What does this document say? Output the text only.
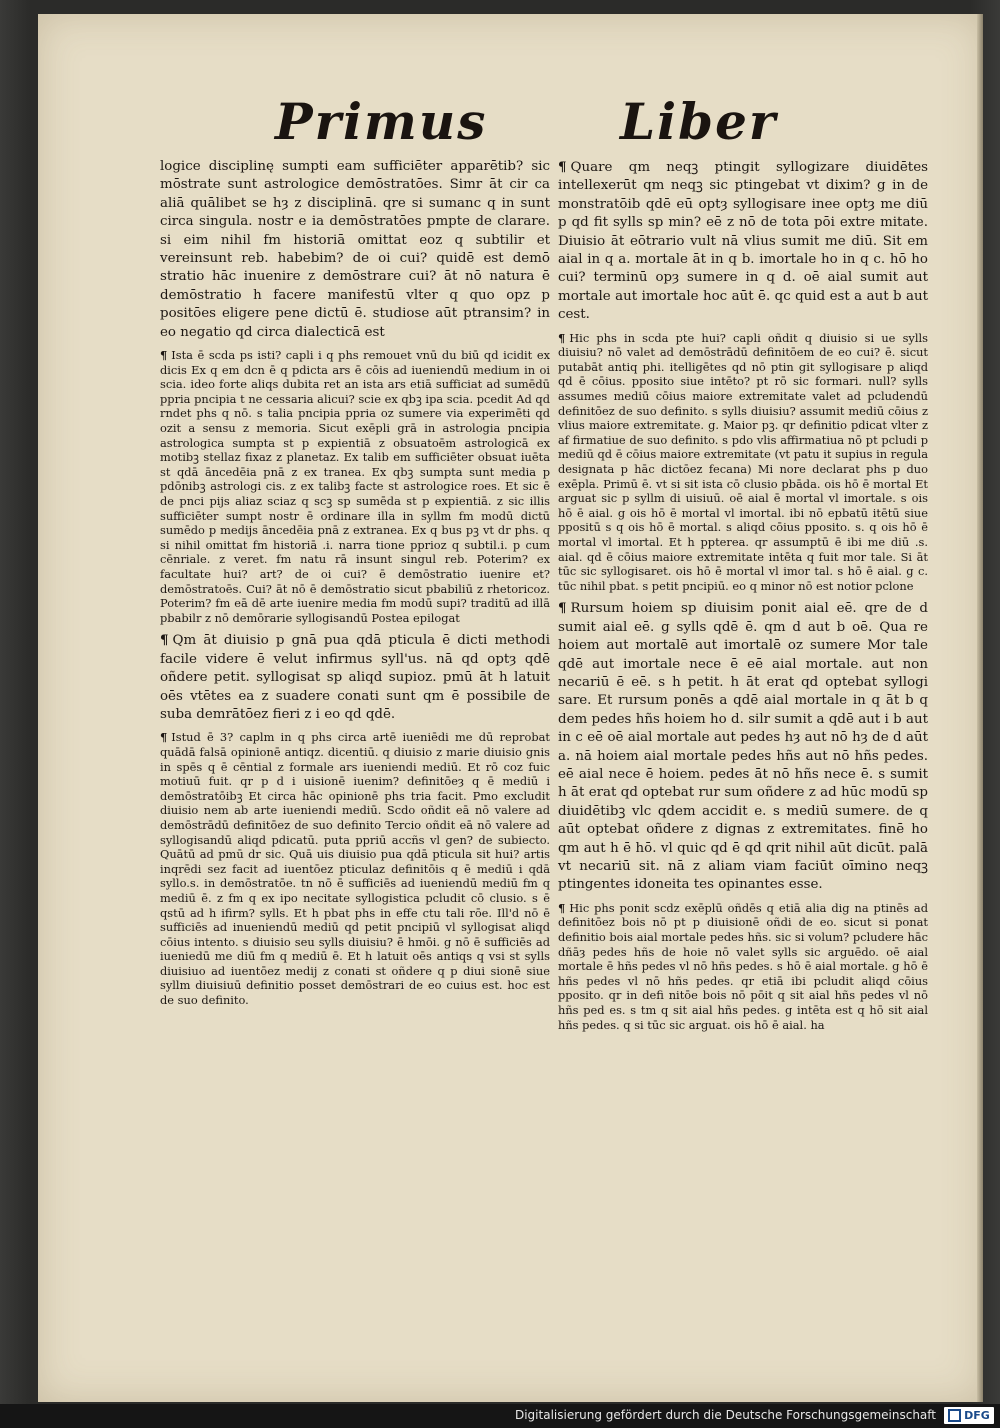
Primus	Liber

logice disciplinę sumpti eam sufficiēter apparētib? sic mōstrate sunt astrologice demōstratōes. Simr āt cir ca aliā quālibet se hȝ z disciplinā. qre si sumanc q in sunt circa singula. nostr e ia demōstratōes pmpte de clarare. si eim nihil fm historiā omittat eoz q subtilir et vereinsunt reb. habebim? de oi cui? quidē est demō stratio hāc inuenire z demōstrare cui? āt nō natura ē demōstratio h facere manifestū vlter q quo opz p positōes eligere pene dictū ē. studiose aūt ptransim? in eo negatio qd circa dialecticā est

¶ Ista ē scda ps isti? capli i q phs remouet vnū du biū qd icidit ex dicis Ex q em dcn ē q pdicta ars ē cōis ad iueniendū medium in oi scia. ideo forte aliqs dubita ret an ista ars etiā sufficiat ad sumēdū ppria pncipia t ne cessaria alicui? scie ex qbꝫ ipa scia. pcedit Ad qd rndet phs q nō. s talia pncipia ppria oz sumere via experimēti qd ozit a sensu z memoria. Sicut exēpli grā in astrologia pncipia astrologica sumpta st p expientiā z obsuatoēm astrologicā ex motibꝫ stellaz fixaz z planetaz. Ex talib em sufficiēter obsuat iuēta st qdā āncedēia pnā z ex tranea. Ex qbꝫ sumpta sunt media p pdōnibꝫ astrologi cis. z ex talibꝫ facte st astrologice roes. Et sic ē de pnci pijs aliaz sciaz q scꝫ sp sumēda st p expientiā. z sic illis sufficiēter sumpt nostr ē ordinare illa in syllm fm modū dictū sumēdo p medijs āncedēia pnā z extranea. Ex q bus pꝫ vt dr phs. q si nihil omittat fm historiā .i. narra tione pprioz q subtil.i. p cum cēnriale. z veret. fm natu rā insunt singul reb. Poterim? ex facultate hui? art? de oi cui? ē demōstratio iuenire et? demōstratoēs. Cui? āt nō ē demōstratio sicut pbabiliū z rhetoricoz. Poterim? fm eā dē arte iuenire media fm modū supi? traditū ad illā pbabilr z nō demōrarie syllogisandū Postea epilogat

¶ Qm āt diuisio p gnā pua qdā pticula ē dicti methodi facile videre ē velut infirmus syll'us. nā qd optȝ qdē oñdere petit. syllogisat sp aliqd supioz. pmū āt h latuit oēs vtētes ea z suadere conati sunt qm ē possibile de suba demrātōez fieri z i eo qd qdē.

¶ Istud ē 3? caplm in q phs circa artē iueniēdi me dū reprobat quādā falsā opinionē antiqz. dicentiū. q diuisio z marie diuisio gnis in spēs q ē cēntial z formale ars iueniendi mediū. Et rō coz fuic motiuū fuit. qr p d i uisionē iuenim? definitōeȝ q ē mediū i demōstratōibꝫ Et circa hāc opinionē phs tria facit. Pmo excludit diuisio nem ab arte iueniendi mediū. Scdo oñdit eā nō valere ad demōstrādū definitōez de suo definito Tercio oñdit eā nō valere ad syllogisandū aliqd pdicatū. puta ppriū accñs vl gen? de subiecto. Quātū ad pmū dr sic. Quā uis diuisio pua qdā pticula sit hui? artis inqrēdi sez facit ad iuentōez pticulaz definitōis q ē mediū i qdā syllo.s. in demōstratōe. tn nō ē sufficiēs ad iueniendū mediū fm q mediū ē. z fm q ex ipo necitate syllogistica pcludit cō clusio. s ē qstū ad h ifirm? sylls. Et h pbat phs in effe ctu tali rōe. Ill'd nō ē sufficiēs ad inueniendū mediū qd petit pncipiū vl syllogisat aliqd cōius intento. s diuisio seu sylls diuisiu? ē hmōi. g nō ē sufficiēs ad iueniedū me diū fm q mediū ē. Et h latuit oēs antiqs q vsi st sylls diuisiuo ad iuentōez medij z conati st oñdere q p diui sionē siue syllm diuisiuū definitio posset demōstrari de eo cuius est. hoc est de suo definito.

¶ Quare qm neqꝫ ptingit syllogizare diuidētes intellexerūt qm neqꝫ sic ptingebat vt dixim? g in de monstratōib qdē eū optȝ syllogisare inee optȝ me diū p qd fit sylls sp min? eē z nō de tota pōi extre mitate. Diuisio āt eōtrario vult nā vlius sumit me diū. Sit em aial in q a. mortale āt in q b. imortale ho in q c. hō ho cui? terminū opȝ sumere in q d. oē aial sumit aut mortale aut imortale hoc aūt ē. qc quid est a aut b aut cest.

¶ Hic phs in scda pte hui? capli oñdit q diuisio si ue sylls diuisiu? nō valet ad demōstrādū definitōem de eo cui? ē. sicut putabāt antiq phi. itelligētes qd nō ptin git syllogisare p aliqd qd ē cōius. pposito siue intēto? pt rō sic formari. null? sylls assumes mediū cōius maiore extremitate valet ad pcludendū definitōez de suo definito. s sylls diuisiu? assumit mediū cōius z vlius maiore extremitate. g. Maior pꝫ. qr definitio pdicat vlter z af firmatiue de suo definito. s pdo vlis affirmatiua nō pt pcludi p mediū qd ē cōius maiore extremitate (vt patu it supius in regula designata p hāc dictōez fecana) Mi nore declarat phs p duo exēpla. Primū ē. vt si sit ista cō clusio pbāda. ois hō ē mortal Et arguat sic p syllm di uisiuū. oē aial ē mortal vl imortale. s ois hō ē aial. g ois hō ē mortal vl imortal. ibi nō epbatū itētū siue ppositū s q ois hō ē mortal. s aliqd cōius pposito. s. q ois hō ē mortal vl imortal. Et h ppterea. qr assumptū ē ibi me diū .s. aial. qd ē cōius maiore extremitate intēta q fuit mor tale. Si āt tūc sic syllogisaret. ois hō ē mortal vl imor tal. s hō ē aial. g c. tūc nihil pbat. s petit pncipiū. eo q minor nō est notior pclone

¶ Rursum hoiem sp diuisim ponit aial eē. qre de d sumit aial eē. g sylls qdē ē. qm d aut b oē. Qua re hoiem aut mortalē aut imortalē oz sumere Mor tale qdē aut imortale nece ē eē aial mortale. aut non necariū ē eē. s h petit. h āt erat qd optebat syllogi sare. Et rursum ponēs a qdē aial mortale in q āt b q dem pedes hñs hoiem ho d. silr sumit a qdē aut i b aut in c eē oē aial mortale aut pedes hȝ aut nō hȝ de d aūt a. nā hoiem aial mortale pedes hñs aut nō hñs pedes. eē aial nece ē hoiem. pedes āt nō hñs nece ē. s sumit h āt erat qd optebat rur sum oñdere z ad hūc modū sp diuidētibꝫ vlc qdem accidit e. s mediū sumere. de q aūt optebat oñdere z dignas z extremitates. finē ho qm aut h ē hō. vl quic qd ē qd qrit nihil aūt dicūt. palā vt necariū sit. nā z aliam viam faciūt oīmino neqꝫ ptingentes idoneita tes opinantes esse.

¶ Hic phs ponit scdz exēplū oñdēs q etiā alia dig na ptinēs ad definitōez bois nō pt p diuisionē oñdi de eo. sicut si ponat definitio bois aial mortale pedes hñs. sic si volum? pcludere hāc dñāȝ pedes hñs de hoie nō valet sylls sic arguēdo. oē aial mortale ē hñs pedes vl nō hñs pedes. s hō ē aial mortale. g hō ē hñs pedes vl nō hñs pedes. qr etiā ibi pcludit aliqd cōius pposito. qr in defi nitōe bois nō pōit q sit aial hñs pedes vl nō hñs ped es. s tm q sit aial hñs pedes. g intēta est q hō sit aial hñs pedes. q si tūc sic arguat. ois hō ē aial. ha

Digitalisierung gefördert durch die Deutsche Forschungsgemeinschaft	DFG
